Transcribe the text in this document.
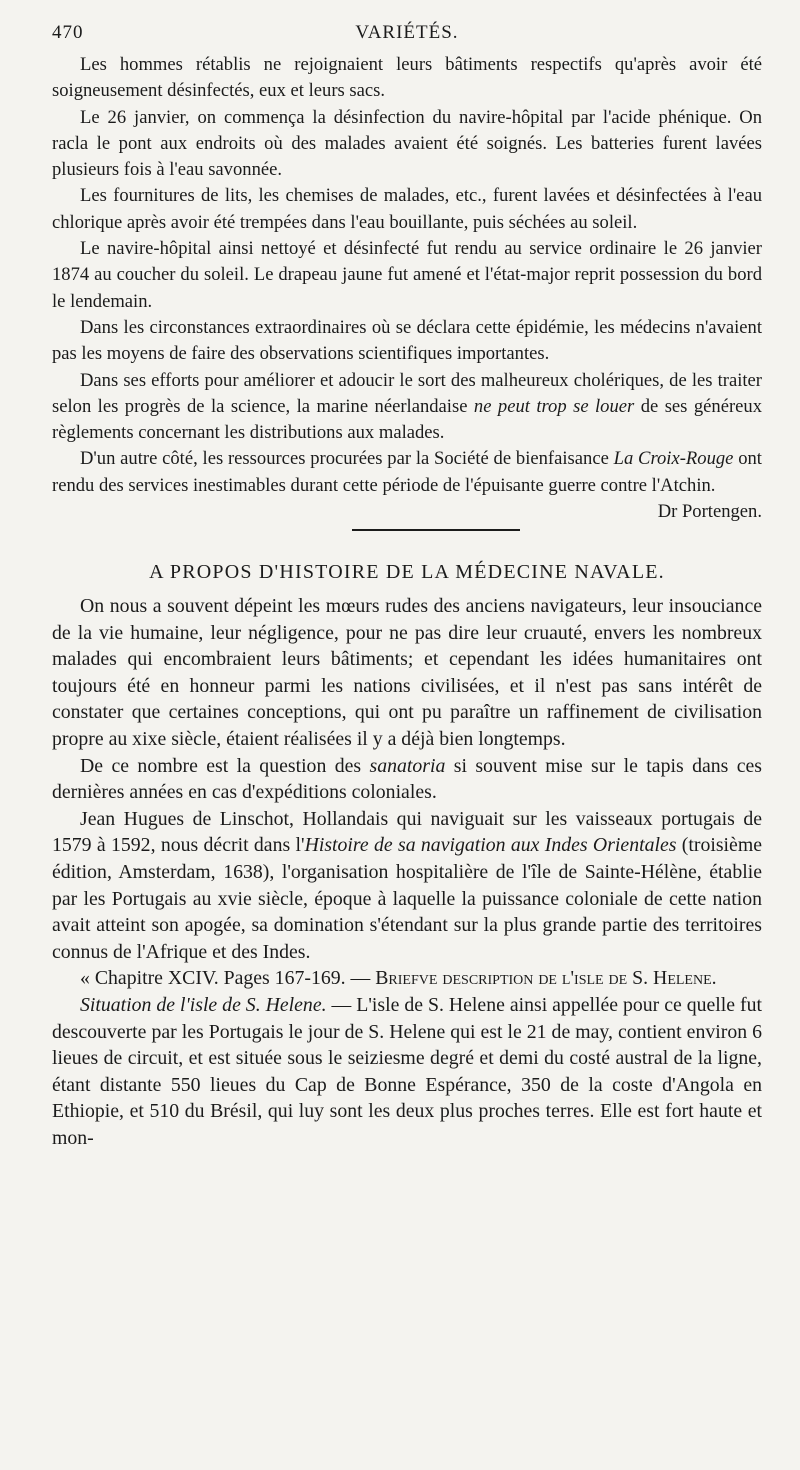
470	VARIÉTÉS.

Les hommes rétablis ne rejoignaient leurs bâtiments respectifs qu'après avoir été soigneusement désinfectés, eux et leurs sacs.

Le 26 janvier, on commença la désinfection du navire-hôpital par l'acide phénique. On racla le pont aux endroits où des malades avaient été soignés. Les batteries furent lavées plusieurs fois à l'eau savonnée.

Les fournitures de lits, les chemises de malades, etc., furent lavées et désinfectées à l'eau chlorique après avoir été trempées dans l'eau bouillante, puis séchées au soleil.

Le navire-hôpital ainsi nettoyé et désinfecté fut rendu au service ordinaire le 26 janvier 1874 au coucher du soleil. Le drapeau jaune fut amené et l'état-major reprit possession du bord le lendemain.

Dans les circonstances extraordinaires où se déclara cette épidémie, les médecins n'avaient pas les moyens de faire des observations scientifiques importantes.

Dans ses efforts pour améliorer et adoucir le sort des malheureux cholériques, de les traiter selon les progrès de la science, la marine néerlandaise ne peut trop se louer de ses généreux règlements concernant les distributions aux malades.

D'un autre côté, les ressources procurées par la Société de bienfaisance La Croix-Rouge ont rendu des services inestimables durant cette période de l'épuisante guerre contre l'Atchin.
Dr Portengen.

A PROPOS D'HISTOIRE DE LA MÉDECINE NAVALE.

On nous a souvent dépeint les mœurs rudes des anciens navigateurs, leur insouciance de la vie humaine, leur négligence, pour ne pas dire leur cruauté, envers les nombreux malades qui encombraient leurs bâtiments; et cependant les idées humanitaires ont toujours été en honneur parmi les nations civilisées, et il n'est pas sans intérêt de constater que certaines conceptions, qui ont pu paraître un raffinement de civilisation propre au xixe siècle, étaient réalisées il y a déjà bien longtemps.

De ce nombre est la question des sanatoria si souvent mise sur le tapis dans ces dernières années en cas d'expéditions coloniales.

Jean Hugues de Linschot, Hollandais qui naviguait sur les vaisseaux portugais de 1579 à 1592, nous décrit dans l'Histoire de sa navigation aux Indes Orientales (troisième édition, Amsterdam, 1638), l'organisation hospitalière de l'île de Sainte-Hélène, établie par les Portugais au xvie siècle, époque à laquelle la puissance coloniale de cette nation avait atteint son apogée, sa domination s'étendant sur la plus grande partie des territoires connus de l'Afrique et des Indes.

« Chapitre XCIV. Pages 167-169. — Briefve description de l'isle de S. Helene.

Situation de l'isle de S. Helene. — L'isle de S. Helene ainsi appellée pour ce quelle fut descouverte par les Portugais le jour de S. Helene qui est le 21 de may, contient environ 6 lieues de circuit, et est située sous le seiziesme degré et demi du costé austral de la ligne, étant distante 550 lieues du Cap de Bonne Espérance, 350 de la coste d'Angola en Ethiopie, et 510 du Brésil, qui luy sont les deux plus proches terres. Elle est fort haute et mon-
